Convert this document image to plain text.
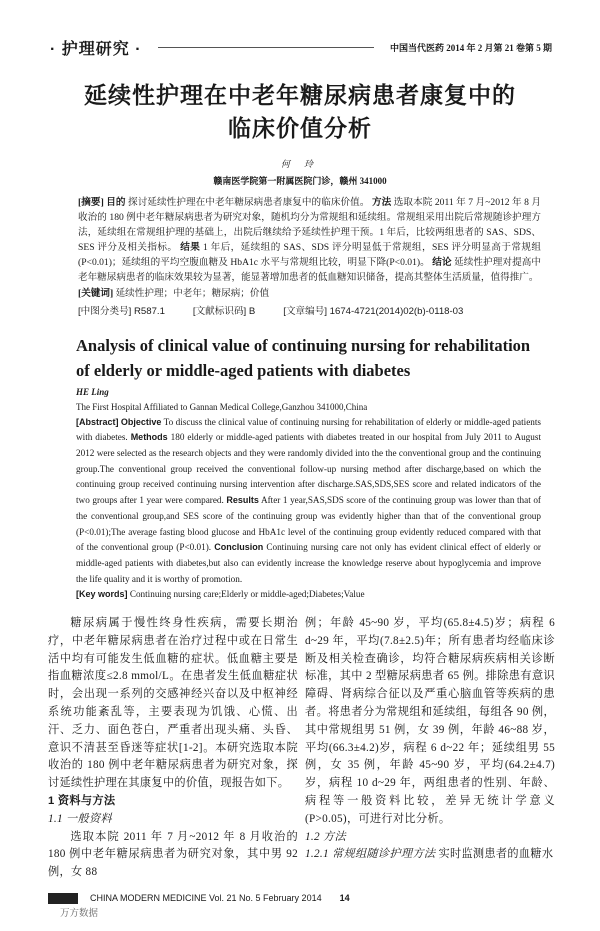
· 护理研究 ·	中国当代医药 2014 年 2 月第 21 卷第 5 期
延续性护理在中老年糖尿病患者康复中的
临床价值分析
何 玲
赣南医学院第一附属医院门诊，赣州 341000
[摘要] 目的 探讨延续性护理在中老年糖尿病患者康复中的临床价值。 方法 选取本院 2011 年 7 月~2012 年 8 月收治的 180 例中老年糖尿病患者为研究对象，随机均分为常规组和延续组。常规组采用出院后常规随诊护理方法，延续组在常规组护理的基础上，出院后继续给予延续性护理干预。1 年后，比较两组患者的 SAS、SDS、SES 评分及相关指标。 结果 1 年后，延续组的 SAS、SDS 评分明显低于常规组，SES 评分明显高于常规组(P<0.01)；延续组的平均空腹血糖及 HbA1c 水平与常规组比较，明显下降(P<0.01)。 结论 延续性护理对提高中老年糖尿病患者的临床效果较为显著，能显著增加患者的低血糖知识储备，提高其整体生活质量，值得推广。
[关键词] 延续性护理；中老年；糖尿病；价值
[中图分类号] R587.1	[文献标识码] B	[文章编号] 1674-4721(2014)02(b)-0118-03
Analysis of clinical value of continuing nursing for rehabilitation of elderly or middle-aged patients with diabetes
HE Ling
The First Hospital Affiliated to Gannan Medical College,Ganzhou 341000,China
[Abstract] Objective To discuss the clinical value of continuing nursing for rehabilitation of elderly or middle-aged patients with diabetes. Methods 180 elderly or middle-aged patients with diabetes treated in our hospital from July 2011 to August 2012 were selected as the research objects and they were randomly divided into the the conventional group and the continuing group.The conventional group received the conventional follow-up nursing method after discharge,based on which the continuing group received continuing nursing intervention after discharge.SAS,SDS,SES score and related indicators of the two groups after 1 year were compared. Results After 1 year,SAS,SDS score of the continuing group was lower than that of the conventional group,and SES score of the continuing group was evidently higher than that of the conventional group (P<0.01);The average fasting blood glucose and HbA1c level of the continuing group evidently reduced compared with that of the conventional group (P<0.01). Conclusion Continuing nursing care not only has evident clinical effect of elderly or middle-aged patients with diabetes,but also can evidently increase the knowledge reserve about hypoglycemia and improve the life quality and it is worthy of promotion.
[Key words] Continuing nursing care;Elderly or middle-aged;Diabetes;Value

糖尿病属于慢性终身性疾病，需要长期治疗，中老年糖尿病患者在治疗过程中或在日常生活中均有可能发生低血糖的症状。低血糖主要是指血糖浓度≤2.8 mmol/L。在患者发生低血糖症状时，会出现一系列的交感神经兴奋以及中枢神经系统功能紊乱等，主要表现为饥饿、心慌、出汗、乏力、面色苍白，严重者出现头痛、头昏、意识不清甚至昏迷等症状[1-2]。本研究选取本院收治的 180 例中老年糖尿病患者为研究对象，探讨延续性护理在其康复中的价值，现报告如下。

1 资料与方法

1.1 一般资料

选取本院 2011 年 7 月~2012 年 8 月收治的 180 例中老年糖尿病患者为研究对象，其中男 92 例，女 88

例；年龄 45~90 岁，平均(65.8±4.5)岁；病程 6 d~29 年，平均(7.8±2.5)年；所有患者均经临床诊断及相关检查确诊，均符合糖尿病疾病相关诊断标准，其中 2 型糖尿病患者 65 例。排除患有意识障碍、肾病综合征以及严重心脑血管等疾病的患者。将患者分为常规组和延续组，每组各 90 例，其中常规组男 51 例，女 39 例，年龄 46~88 岁，平均(66.3±4.2)岁，病程 6 d~22 年；延续组男 55 例，女 35 例，年龄 45~90 岁，平均(64.2±4.7)岁，病程 10 d~29 年，两组患者的性别、年龄、病程等一般资料比较，差异无统计学意义(P>0.05)，可进行对比分析。

1.2 方法

1.2.1 常规组随诊护理方法 实时监测患者的血糖水

CHINA MODERN MEDICINE Vol. 21 No. 5 February 2014 14
万方数据
